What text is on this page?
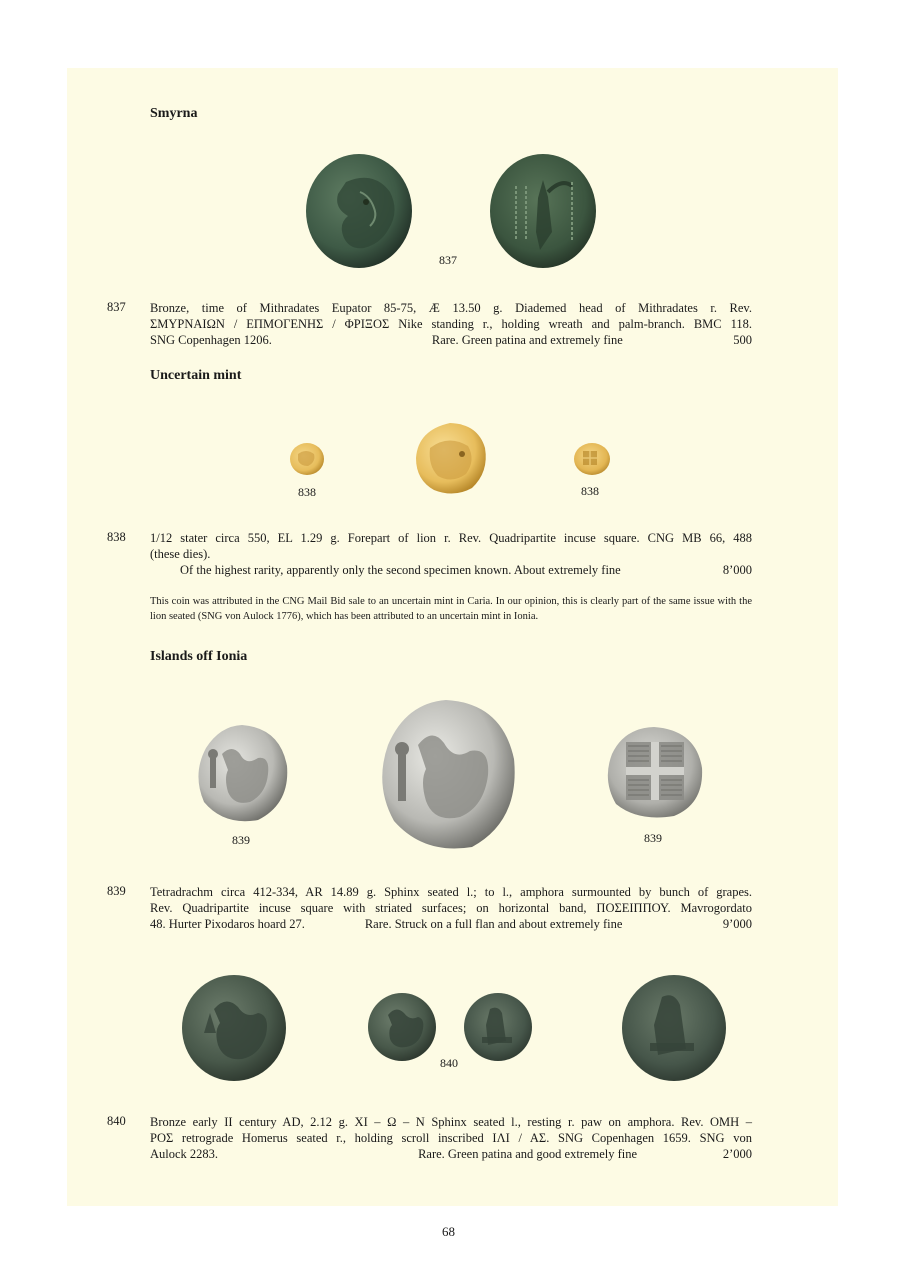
Smyrna
837
837 Bronze, time of Mithradates Eupator 85-75, Æ 13.50 g. Diademed head of Mithradates r. Rev.
ΣΜΥΡΝΑΙΩΝ / ΕΠΜΟΓΕΝΗΣ / ΦΡΙΞΟΣ Nike standing r., holding wreath and palm-branch. BMC 118.
SNG Copenhagen 1206.	Rare. Green patina and extremely fine	500
Uncertain mint
838	838
838 1/12 stater circa 550, EL 1.29 g. Forepart of lion r. Rev. Quadripartite incuse square. CNG MB 66, 488
(these dies).
Of the highest rarity, apparently only the second specimen known. About extremely fine	8’000
This coin was attributed in the CNG Mail Bid sale to an uncertain mint in Caria. In our opinion, this is clearly part of the same issue with the lion seated (SNG von Aulock 1776), which has been attributed to an uncertain mint in Ionia.
Islands off Ionia
839	839
839 Tetradrachm circa 412-334, AR 14.89 g. Sphinx seated l.; to l., amphora surmounted by bunch of grapes.
Rev. Quadripartite incuse square with striated surfaces; on horizontal band, ΠΟΣΕΙΠΠΟΥ. Mavrogordato
48. Hurter Pixodaros hoard 27.	Rare. Struck on a full flan and about extremely fine	9’000
840
840 Bronze early II century AD, 2.12 g. ΧΙ – Ω – Ν Sphinx seated l., resting r. paw on amphora. Rev. ΟΜΗ –
ΡΟΣ retrograde Homerus seated r., holding scroll inscribed ΙΛΙ / ΑΣ. SNG Copenhagen 1659. SNG von
Aulock 2283.	Rare. Green patina and good extremely fine	2’000
68
